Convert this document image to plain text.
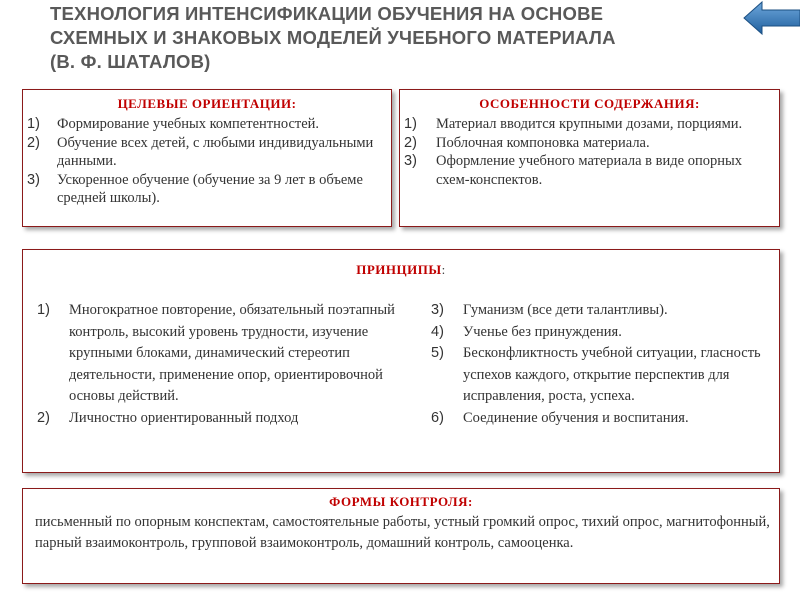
ТЕХНОЛОГИЯ ИНТЕНСИФИКАЦИИ ОБУЧЕНИЯ НА ОСНОВЕ
СХЕМНЫХ И ЗНАКОВЫХ МОДЕЛЕЙ УЧЕБНОГО МАТЕРИАЛА
(В. Ф. ШАТАЛОВ)
ЦЕЛЕВЫЕ ОРИЕНТАЦИИ:
1)	Формирование учебных компетентностей.
2)	Обучение всех детей, с любыми индивидуальными данными.
3)	Ускоренное обучение (обучение за 9 лет в объеме средней школы).
ОСОБЕННОСТИ СОДЕРЖАНИЯ:
1)	Материал вводится крупными дозами, порциями.
2)	Поблочная компоновка материала.
3)	Оформление учебного материала в виде опорных схем-конспектов.
ПРИНЦИПЫ:
1)	Многократное повторение, обязательный поэтапный контроль, высокий уровень трудности, изучение крупными блоками, динамический стереотип деятельности, применение опор, ориентировочной основы действий.
2)	Личностно ориентированный подход
3)	Гуманизм (все дети талантливы).
4)	Ученье без принуждения.
5)	Бесконфликтность учебной ситуации, гласность успехов каждого, открытие перспектив для исправления, роста, успеха.
6)	Соединение обучения и воспитания.
ФОРМЫ КОНТРОЛЯ:
письменный по опорным конспектам, самостоятельные работы, устный громкий опрос, тихий опрос, магнитофонный, парный взаимоконтроль, групповой взаимоконтроль, домашний контроль, самооценка.
